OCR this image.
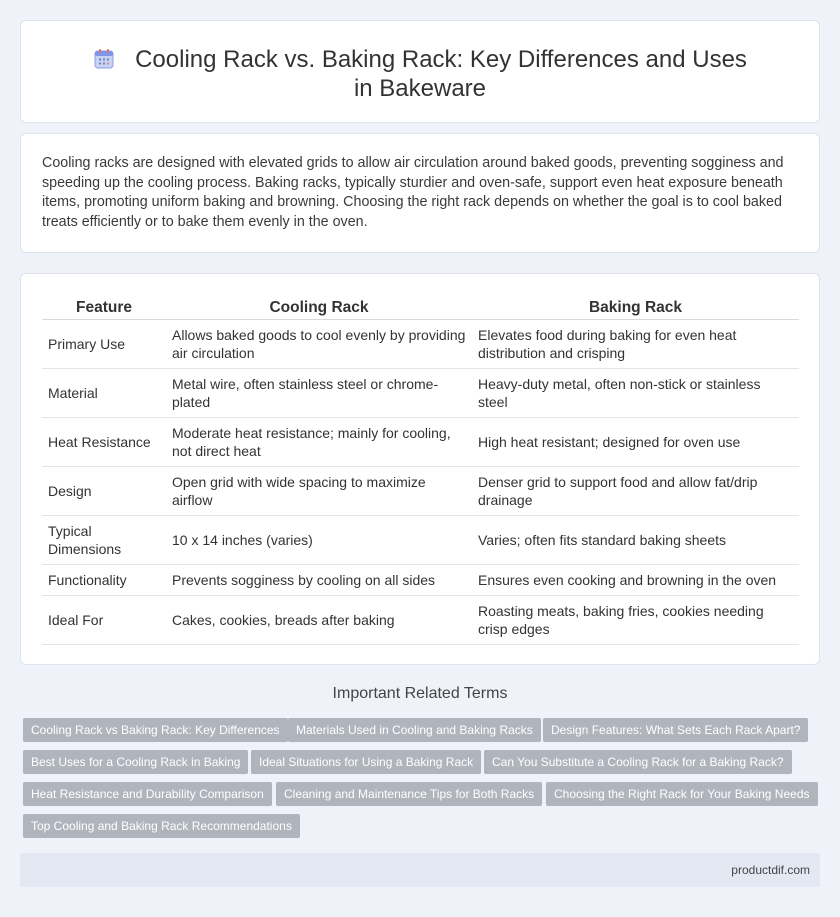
Cooling Rack vs. Baking Rack: Key Differences and Uses in Bakeware

Cooling racks are designed with elevated grids to allow air circulation around baked goods, preventing sogginess and speeding up the cooling process. Baking racks, typically sturdier and oven-safe, support even heat exposure beneath items, promoting uniform baking and browning. Choosing the right rack depends on whether the goal is to cool baked treats efficiently or to bake them evenly in the oven.

Feature	Cooling Rack	Baking Rack
Primary Use	Allows baked goods to cool evenly by providing air circulation	Elevates food during baking for even heat distribution and crisping
Material	Metal wire, often stainless steel or chrome-plated	Heavy-duty metal, often non-stick or stainless steel
Heat Resistance	Moderate heat resistance; mainly for cooling, not direct heat	High heat resistant; designed for oven use
Design	Open grid with wide spacing to maximize airflow	Denser grid to support food and allow fat/drip drainage
Typical Dimensions	10 x 14 inches (varies)	Varies; often fits standard baking sheets
Functionality	Prevents sogginess by cooling on all sides	Ensures even cooking and browning in the oven
Ideal For	Cakes, cookies, breads after baking	Roasting meats, baking fries, cookies needing crisp edges
Important Related Terms
Cooling Rack vs Baking Rack: Key Differences	Materials Used in Cooling and Baking Racks	Design Features: What Sets Each Rack Apart?
Best Uses for a Cooling Rack in Baking	Ideal Situations for Using a Baking Rack	Can You Substitute a Cooling Rack for a Baking Rack?
Heat Resistance and Durability Comparison	Cleaning and Maintenance Tips for Both Racks	Choosing the Right Rack for Your Baking Needs
Top Cooling and Baking Rack Recommendations
productdif.com
